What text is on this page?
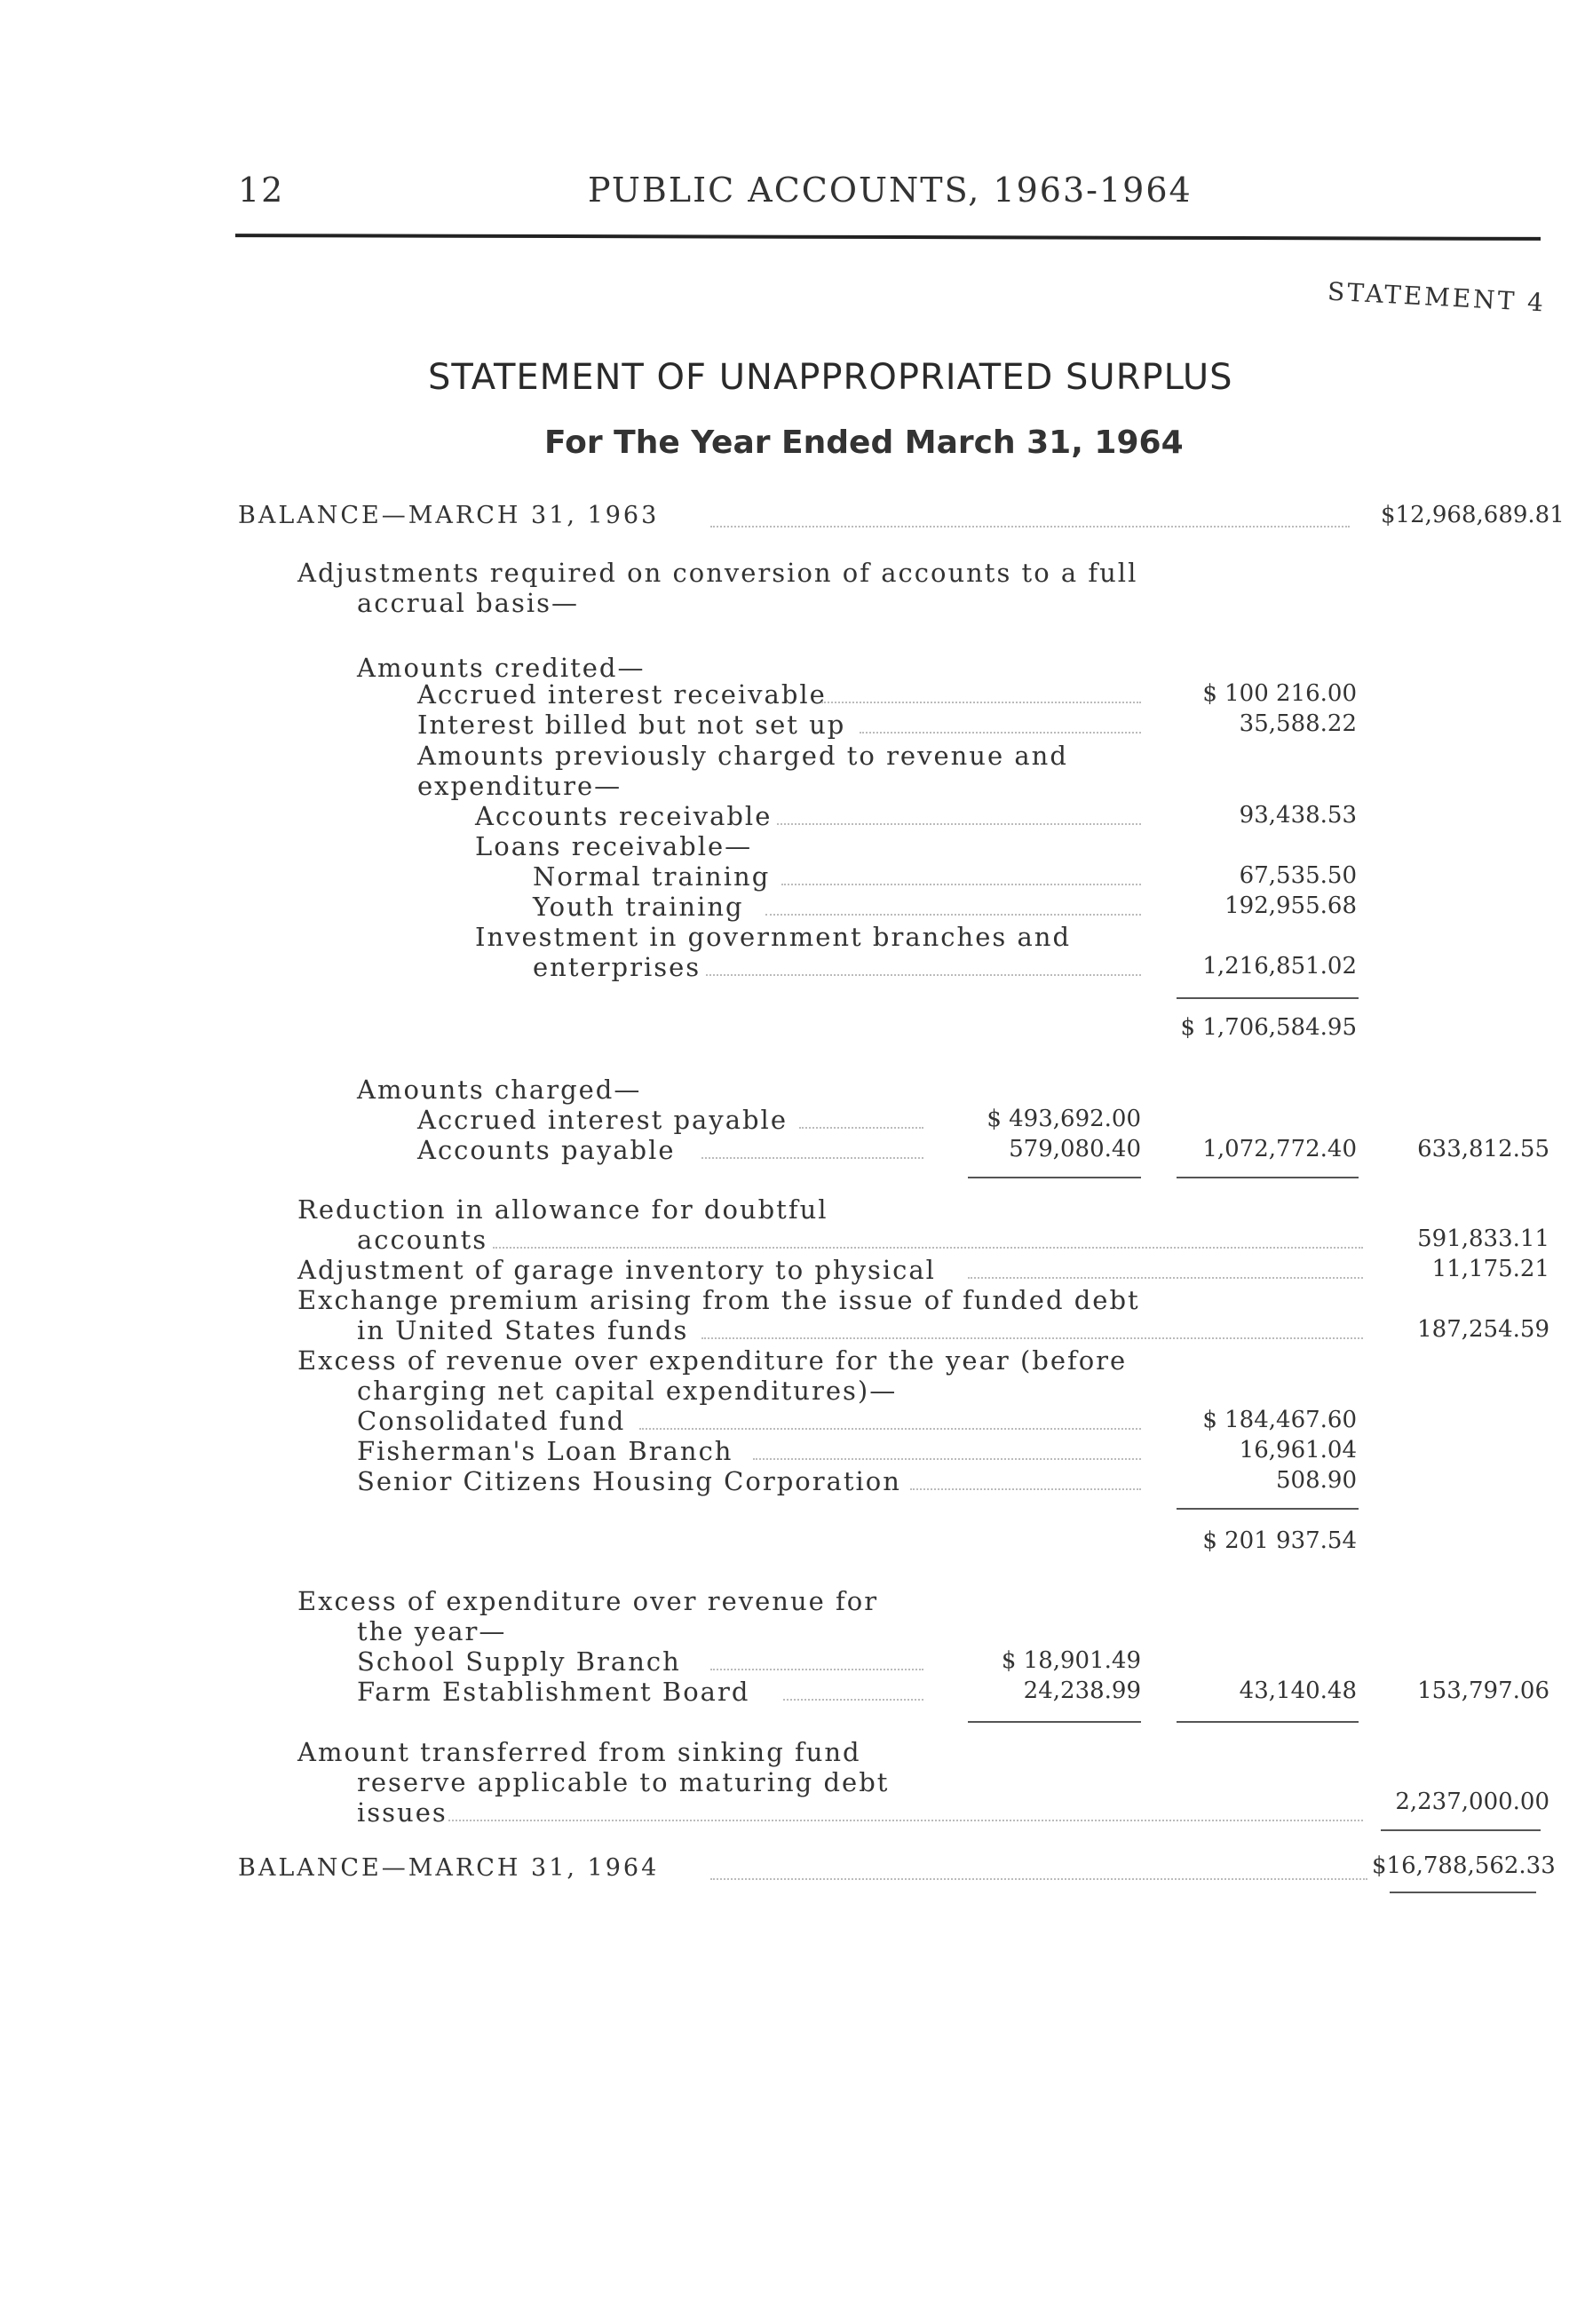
12	PUBLIC ACCOUNTS, 1963-1964
STATEMENT 4
STATEMENT OF UNAPPROPRIATED SURPLUS
For The Year Ended March 31, 1964
BALANCE—MARCH 31, 1963	$12,968,689.81
Adjustments required on conversion of accounts to a full
accrual basis—
Amounts credited—
Accrued interest receivable	$ 100 216.00
Interest billed but not set up	35,588.22
Amounts previously charged to revenue and
expenditure—
Accounts receivable	93,438.53
Loans receivable—
Normal training	67,535.50
Youth training	192,955.68
Investment in government branches and
enterprises	1,216,851.02
$ 1,706,584.95
Amounts charged—
Accrued interest payable	$ 493,692.00
Accounts payable	579,080.40	1,072,772.40	633,812.55
Reduction in allowance for doubtful
accounts	591,833.11
Adjustment of garage inventory to physical	11,175.21
Exchange premium arising from the issue of funded debt
in United States funds	187,254.59
Excess of revenue over expenditure for the year (before
charging net capital expenditures)—
Consolidated fund	$ 184,467.60
Fisherman's Loan Branch	16,961.04
Senior Citizens Housing Corporation	508.90
$ 201 937.54
Excess of expenditure over revenue for
the year—
School Supply Branch	$ 18,901.49
Farm Establishment Board	24,238.99	43,140.48	153,797.06
Amount transferred from sinking fund
reserve applicable to maturing debt
issues	2,237,000.00
BALANCE—MARCH 31, 1964	$16,788,562.33
